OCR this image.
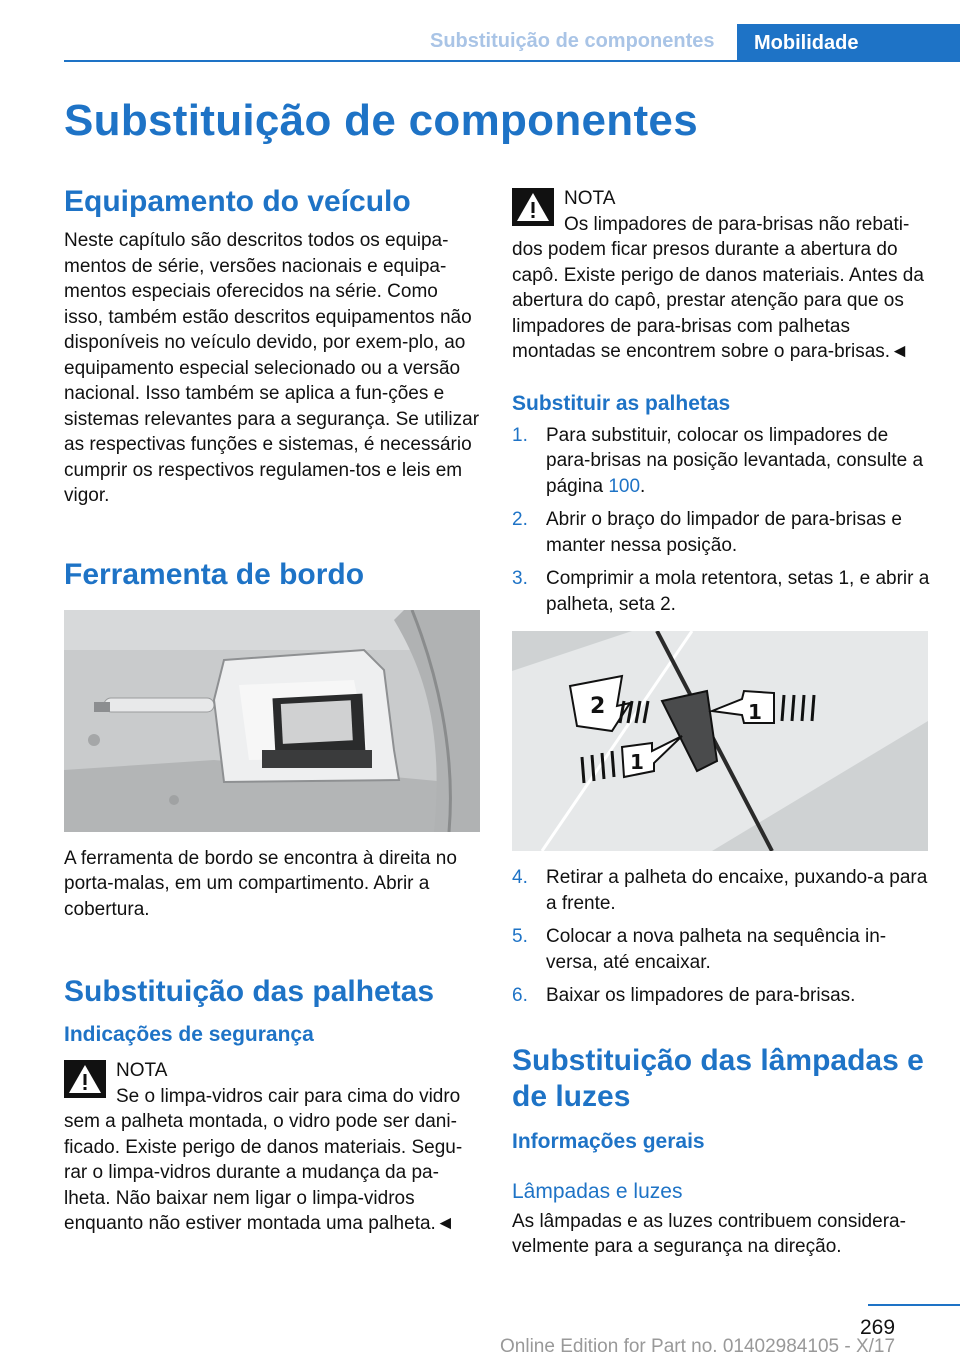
Substituição de componentes	Mobilidade
Substituição de componentes
Equipamento do veículo

Neste capítulo são descritos todos os equipa-mentos de série, versões nacionais e equipa-mentos especiais oferecidos na série. Como isso, também estão descritos equipamentos não disponíveis no veículo devido, por exem-plo, ao equipamento especial selecionado ou a versão nacional. Isso também se aplica a fun-ções e sistemas relevantes para a segurança. Se utilizar as respectivas funções e sistemas, é necessário cumprir os respectivos regulamen-tos e leis em vigor.

Ferramenta de bordo

A ferramenta de bordo se encontra à direita no porta-malas, em um compartimento. Abrir a cobertura.

Substituição das palhetas
Indicações de segurança

NOTA

Se o limpa-vidros cair para cima do vidro

sem a palheta montada, o vidro pode ser dani-ficado. Existe perigo de danos materiais. Segu-rar o limpa-vidros durante a mudança da pa-lheta. Não baixar nem ligar o limpa-vidros enquanto não estiver montada uma palheta.◄

NOTA

Os limpadores de para-brisas não rebati-

dos podem ficar presos durante a abertura do capô. Existe perigo de danos materiais. Antes da abertura do capô, prestar atenção para que os limpadores de para-brisas com palhetas montadas se encontrem sobre o para-brisas.◄

Substituir as palhetas
1. Para substituir, colocar os limpadores de para-brisas na posição levantada, consulte a página 100.
2. Abrir o braço do limpador de para-brisas e manter nessa posição.
3. Comprimir a mola retentora, setas 1, e abrir a palheta, seta 2.
2	1
1
4. Retirar a palheta do encaixe, puxando-a para a frente.
5. Colocar a nova palheta na sequência in-versa, até encaixar.
6. Baixar os limpadores de para-brisas.
Substituição das lâmpadas e de luzes
Informações gerais
Lâmpadas e luzes

As lâmpadas e as luzes contribuem considera-velmente para a segurança na direção.

269
Online Edition for Part no. 01402984105 - X/17
